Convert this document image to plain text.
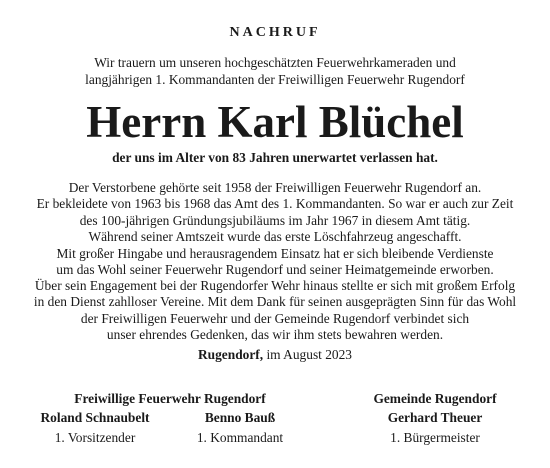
NACHRUF
Wir trauern um unseren hochgeschätzten Feuerwehrkameraden und
langjährigen 1. Kommandanten der Freiwilligen Feuerwehr Rugendorf
Herrn Karl Blüchel
der uns im Alter von 83 Jahren unerwartet verlassen hat.
Der Verstorbene gehörte seit 1958 der Freiwilligen Feuerwehr Rugendorf an.
Er bekleidete von 1963 bis 1968 das Amt des 1. Kommandanten. So war er auch zur Zeit
des 100-jährigen Gründungsjubiläums im Jahr 1967 in diesem Amt tätig.
Während seiner Amtszeit wurde das erste Löschfahrzeug angeschafft.
Mit großer Hingabe und herausragendem Einsatz hat er sich bleibende Verdienste
um das Wohl seiner Feuerwehr Rugendorf und seiner Heimatgemeinde erworben.
Über sein Engagement bei der Rugendorfer Wehr hinaus stellte er sich mit großem Erfolg
in den Dienst zahlloser Vereine. Mit dem Dank für seinen ausgeprägten Sinn für das Wohl
der Freiwilligen Feuerwehr und der Gemeinde Rugendorf verbindet sich
unser ehrendes Gedenken, das wir ihm stets bewahren werden.
Rugendorf, im August 2023
Freiwillige Feuerwehr Rugendorf	Gemeinde Rugendorf
Roland Schnaubelt
1. Vorsitzender
Benno Bauß
1. Kommandant
Gerhard Theuer
1. Bürgermeister
